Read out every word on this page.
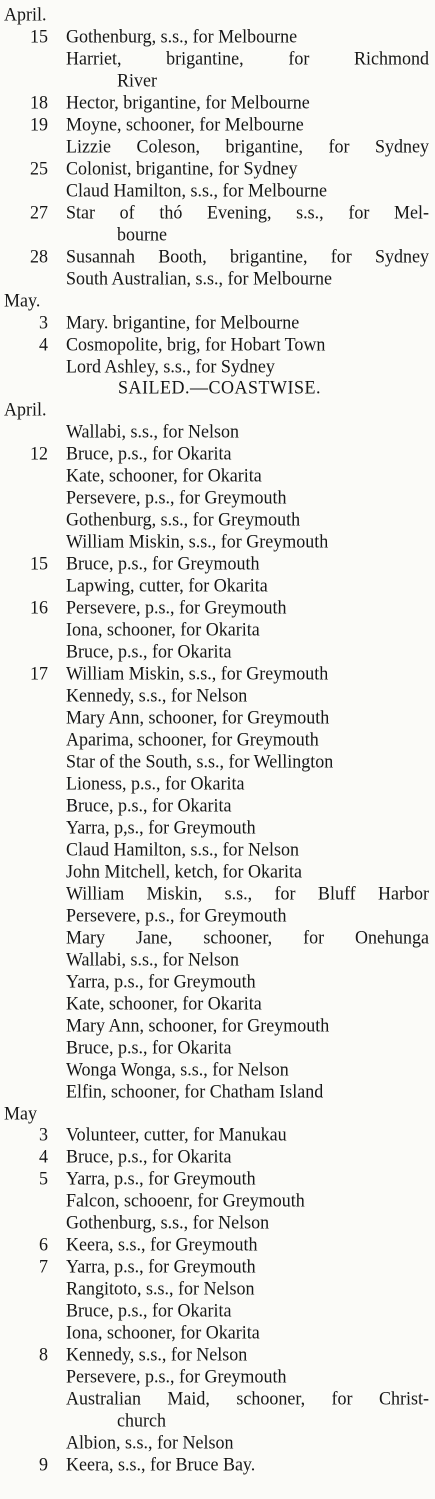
April.
15 Gothenburg, s.s., for Melbourne
Harriet, brigantine, for Richmond
River
18 Hector, brigantine, for Melbourne
19 Moyne, schooner, for Melbourne
Lizzie Coleson, brigantine, for Sydney
25 Colonist, brigantine, for Sydney
Claud Hamilton, s.s., for Melbourne
27 Star of thó Evening, s.s., for Mel-
bourne
28 Susannah Booth, brigantine, for Sydney
South Australian, s.s., for Melbourne
May.
3 Mary. brigantine, for Melbourne
4 Cosmopolite, brig, for Hobart Town
Lord Ashley, s.s., for Sydney
SAILED.—COASTWISE.
April.
Wallabi, s.s., for Nelson
12 Bruce, p.s., for Okarita
Kate, schooner, for Okarita
Persevere, p.s., for Greymouth
Gothenburg, s.s., for Greymouth
William Miskin, s.s., for Greymouth
15 Bruce, p.s., for Greymouth
Lapwing, cutter, for Okarita
16 Persevere, p.s., for Greymouth
Iona, schooner, for Okarita
Bruce, p.s., for Okarita
17 William Miskin, s.s., for Greymouth
Kennedy, s.s., for Nelson
Mary Ann, schooner, for Greymouth
Aparima, schooner, for Greymouth
Star of the South, s.s., for Wellington
Lioness, p.s., for Okarita
Bruce, p.s., for Okarita
Yarra, p,s., for Greymouth
Claud Hamilton, s.s., for Nelson
John Mitchell, ketch, for Okarita
William Miskin, s.s., for Bluff Harbor
Persevere, p.s., for Greymouth
Mary Jane, schooner, for Onehunga
Wallabi, s.s., for Nelson
Yarra, p.s., for Greymouth
Kate, schooner, for Okarita
Mary Ann, schooner, for Greymouth
Bruce, p.s., for Okarita
Wonga Wonga, s.s., for Nelson
Elfin, schooner, for Chatham Island
May
3 Volunteer, cutter, for Manukau
4 Bruce, p.s., for Okarita
5 Yarra, p.s., for Greymouth
Falcon, schooenr, for Greymouth
Gothenburg, s.s., for Nelson
6 Keera, s.s., for Greymouth
7 Yarra, p.s., for Greymouth
Rangitoto, s.s., for Nelson
Bruce, p.s., for Okarita
Iona, schooner, for Okarita
8 Kennedy, s.s., for Nelson
Persevere, p.s., for Greymouth
Australian Maid, schooner, for Christ-
church
Albion, s.s., for Nelson
9 Keera, s.s., for Bruce Bay.
